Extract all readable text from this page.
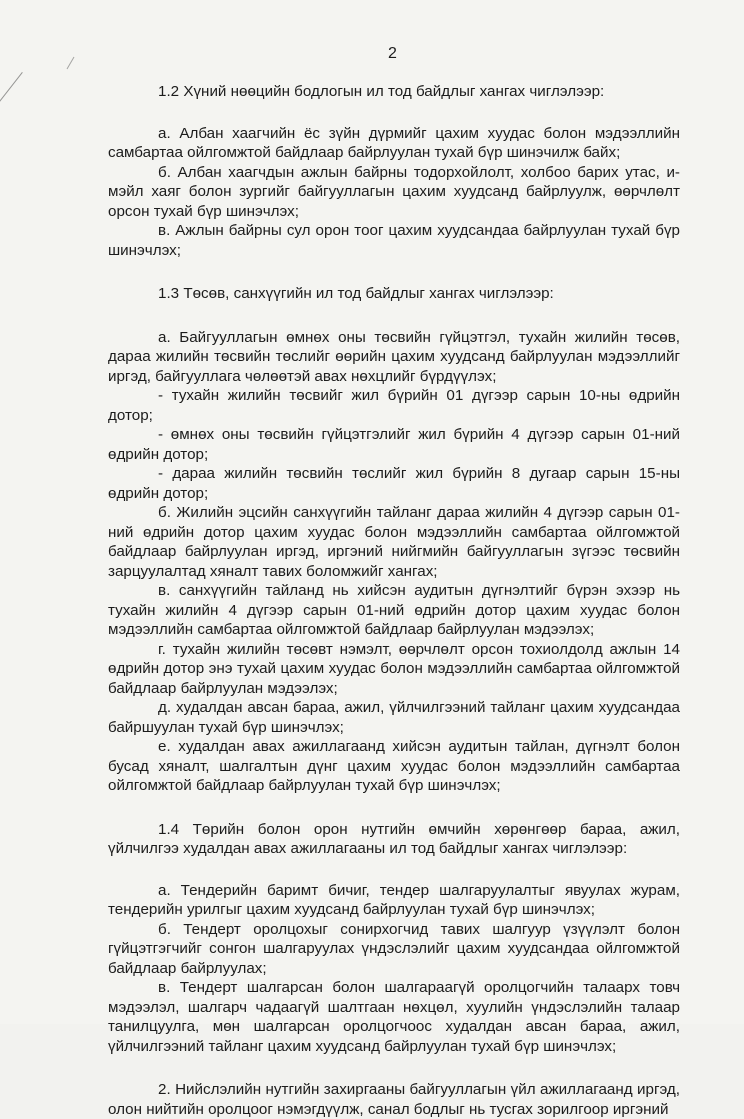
2

1.2 Хүний нөөцийн бодлогын ил тод байдлыг хангах чиглэлээр:

а. Албан хаагчийн ёс зүйн дүрмийг цахим хуудас болон мэдээллийн самбартаа ойлгомжтой байдлаар байрлуулан тухай бүр шинэчилж байх;

б. Албан хаагчдын ажлын байрны тодорхойлолт, холбоо барих утас, и-мэйл хаяг болон зургийг байгууллагын цахим хуудсанд байрлуулж, өөрчлөлт орсон тухай бүр шинэчлэх;

в. Ажлын байрны сул орон тоог цахим хуудсандаа байрлуулан тухай бүр шинэчлэх;

1.3 Төсөв, санхүүгийн ил тод байдлыг хангах чиглэлээр:

а. Байгууллагын өмнөх оны төсвийн гүйцэтгэл, тухайн жилийн төсөв, дараа жилийн төсвийн төслийг өөрийн цахим хуудсанд байрлуулан мэдээллийг иргэд, байгууллага чөлөөтэй авах нөхцлийг бүрдүүлэх;

- тухайн жилийн төсвийг жил бүрийн 01 дүгээр сарын 10-ны өдрийн дотор;

- өмнөх оны төсвийн гүйцэтгэлийг жил бүрийн 4 дүгээр сарын 01-ний өдрийн дотор;

- дараа жилийн төсвийн төслийг жил бүрийн 8 дугаар сарын 15-ны өдрийн дотор;

б. Жилийн эцсийн санхүүгийн тайланг дараа жилийн 4 дүгээр сарын 01-ний өдрийн дотор цахим хуудас болон мэдээллийн самбартаа ойлгомжтой байдлаар байрлуулан иргэд, иргэний нийгмийн байгууллагын зүгээс төсвийн зарцуулалтад хяналт тавих боломжийг хангах;

в. санхүүгийн тайланд нь хийсэн аудитын дүгнэлтийг бүрэн эхээр нь тухайн жилийн 4 дүгээр сарын 01-ний өдрийн дотор цахим хуудас болон мэдээллийн самбартаа ойлгомжтой байдлаар байрлуулан мэдээлэх;

г. тухайн жилийн төсөвт нэмэлт, өөрчлөлт орсон тохиолдолд ажлын 14 өдрийн дотор энэ тухай цахим хуудас болон мэдээллийн самбартаа ойлгомжтой байдлаар байрлуулан мэдээлэх;

д. худалдан авсан бараа, ажил, үйлчилгээний тайланг цахим хуудсандаа байршуулан тухай бүр шинэчлэх;

е. худалдан авах ажиллагаанд хийсэн аудитын тайлан, дүгнэлт болон бусад хяналт, шалгалтын дүнг цахим хуудас болон мэдээллийн самбартаа ойлгомжтой байдлаар байрлуулан тухай бүр шинэчлэх;

1.4 Төрийн болон орон нутгийн өмчийн хөрөнгөөр бараа, ажил, үйлчилгээ худалдан авах ажиллагааны ил тод байдлыг хангах чиглэлээр:

а. Тендерийн баримт бичиг, тендер шалгаруулалтыг явуулах журам, тендерийн урилгыг цахим хуудсанд байрлуулан тухай бүр шинэчлэх;

б. Тендерт оролцохыг сонирхогчид тавих шалгуур үзүүлэлт болон гүйцэтгэгчийг сонгон шалгаруулах үндэслэлийг цахим хуудсандаа ойлгомжтой байдлаар байрлуулах;

в. Тендерт шалгарсан болон шалгараагүй оролцогчийн талаарх товч мэдээлэл, шалгарч чадаагүй шалтгаан нөхцөл, хуулийн үндэслэлийн талаар танилцуулга, мөн шалгарсан оролцогчоос худалдан авсан бараа, ажил, үйлчилгээний тайланг цахим хуудсанд байрлуулан тухай бүр шинэчлэх;

2. Нийслэлийн нутгийн захиргааны байгууллагын үйл ажиллагаанд иргэд, олон нийтийн оролцоог нэмэгдүүлж, санал бодлыг нь тусгах зорилгоор иргэний
